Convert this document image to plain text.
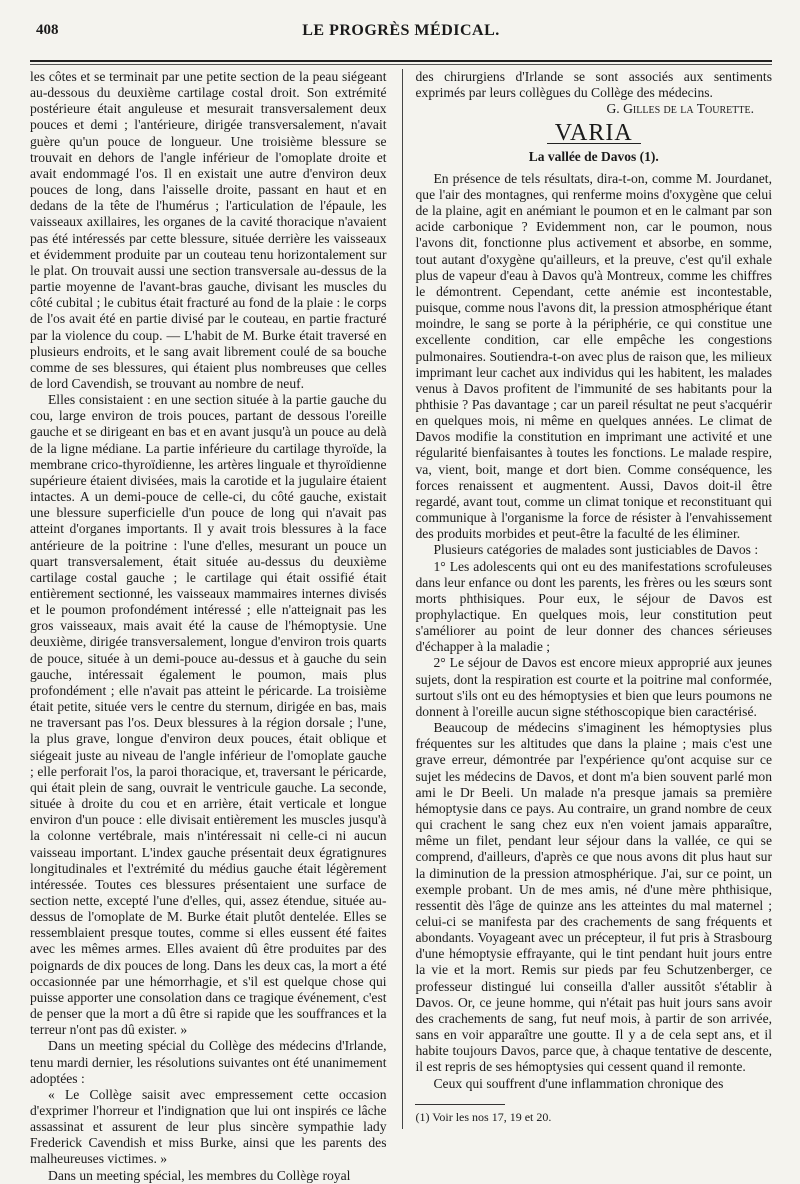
408	LE PROGRÈS MÉDICAL.

les côtes et se terminait par une petite section de la peau siégeant au-dessous du deuxième cartilage costal droit. Son extrémité postérieure était anguleuse et mesurait transversalement deux pouces et demi ; l'antérieure, dirigée transversalement, n'avait guère qu'un pouce de longueur. Une troisième blessure se trouvait en dehors de l'angle inférieur de l'omoplate droite et avait endommagé l'os. Il en existait une autre d'environ deux pouces de long, dans l'aisselle droite, passant en haut et en dedans de la tête de l'humérus ; l'articulation de l'épaule, les vaisseaux axillaires, les organes de la cavité thoracique n'avaient pas été intéressés par cette blessure, située derrière les vaisseaux et évidemment produite par un couteau tenu horizontalement sur le plat. On trouvait aussi une section transversale au-dessus de la partie moyenne de l'avant-bras gauche, divisant les muscles du côté cubital ; le cubitus était fracturé au fond de la plaie : le corps de l'os avait été en partie divisé par le couteau, en partie fracturé par la violence du coup. — L'habit de M. Burke était traversé en plusieurs endroits, et le sang avait librement coulé de sa bouche comme de ses blessures, qui étaient plus nombreuses que celles de lord Cavendish, se trouvant au nombre de neuf.

Elles consistaient : en une section située à la partie gauche du cou, large environ de trois pouces, partant de dessous l'oreille gauche et se dirigeant en bas et en avant jusqu'à un pouce au delà de la ligne médiane. La partie inférieure du cartilage thyroïde, la membrane crico-thyroïdienne, les artères linguale et thyroïdienne supérieure étaient divisées, mais la carotide et la jugulaire étaient intactes. A un demi-pouce de celle-ci, du côté gauche, existait une blessure superficielle d'un pouce de long qui n'avait pas atteint d'organes importants. Il y avait trois blessures à la face antérieure de la poitrine : l'une d'elles, mesurant un pouce un quart transversalement, était située au-dessus du deuxième cartilage costal gauche ; le cartilage qui était ossifié était entièrement sectionné, les vaisseaux mammaires internes divisés et le poumon profondément intéressé ; elle n'atteignait pas les gros vaisseaux, mais avait été la cause de l'hémoptysie. Une deuxième, dirigée transversalement, longue d'environ trois quarts de pouce, située à un demi-pouce au-dessus et à gauche du sein gauche, intéressait également le poumon, mais plus profondément ; elle n'avait pas atteint le péricarde. La troisième était petite, située vers le centre du sternum, dirigée en bas, mais ne traversant pas l'os. Deux blessures à la région dorsale ; l'une, la plus grave, longue d'environ deux pouces, était oblique et siégeait juste au niveau de l'angle inférieur de l'omoplate gauche ; elle perforait l'os, la paroi thoracique, et, traversant le péricarde, qui était plein de sang, ouvrait le ventricule gauche. La seconde, située à droite du cou et en arrière, était verticale et longue environ d'un pouce : elle divisait entièrement les muscles jusqu'à la colonne vertébrale, mais n'intéressait ni celle-ci ni aucun vaisseau important. L'index gauche présentait deux égratignures longitudinales et l'extrémité du médius gauche était légèrement intéressée. Toutes ces blessures présentaient une surface de section nette, excepté l'une d'elles, qui, assez étendue, située au-dessus de l'omoplate de M. Burke était plutôt dentelée. Elles se ressemblaient presque toutes, comme si elles eussent été faites avec les mêmes armes. Elles avaient dû être produites par des poignards de dix pouces de long. Dans les deux cas, la mort a été occasionnée par une hémorrhagie, et s'il est quelque chose qui puisse apporter une consolation dans ce tragique événement, c'est de penser que la mort a dû être si rapide que les souffrances et la terreur n'ont pas dû exister. »

Dans un meeting spécial du Collège des médecins d'Irlande, tenu mardi dernier, les résolutions suivantes ont été unanimement adoptées :

« Le Collège saisit avec empressement cette occasion d'exprimer l'horreur et l'indignation que lui ont inspirés ce lâche assassinat et assurent de leur plus sincère sympathie lady Frederick Cavendish et miss Burke, ainsi que les parents des malheureuses victimes. »

Dans un meeting spécial, les membres du Collège royal

des chirurgiens d'Irlande se sont associés aux sentiments exprimés par leurs collègues du Collège des médecins.

G. Gilles de la Tourette.
VARIA
La vallée de Davos (1).

En présence de tels résultats, dira-t-on, comme M. Jourdanet, que l'air des montagnes, qui renferme moins d'oxygène que celui de la plaine, agit en anémiant le poumon et en le calmant par son acide carbonique ? Evidemment non, car le poumon, nous l'avons dit, fonctionne plus activement et absorbe, en somme, tout autant d'oxygène qu'ailleurs, et la preuve, c'est qu'il exhale plus de vapeur d'eau à Davos qu'à Montreux, comme les chiffres le démontrent. Cependant, cette anémie est incontestable, puisque, comme nous l'avons dit, la pression atmosphérique étant moindre, le sang se porte à la périphérie, ce qui constitue une excellente condition, car elle empêche les congestions pulmonaires. Soutiendra-t-on avec plus de raison que, les milieux imprimant leur cachet aux individus qui les habitent, les malades venus à Davos profitent de l'immunité de ses habitants pour la phthisie ? Pas davantage ; car un pareil résultat ne peut s'acquérir en quelques mois, ni même en quelques années. Le climat de Davos modifie la constitution en imprimant une activité et une régularité bienfaisantes à toutes les fonctions. Le malade respire, va, vient, boit, mange et dort bien. Comme conséquence, les forces renaissent et augmentent. Aussi, Davos doit-il être regardé, avant tout, comme un climat tonique et reconstituant qui communique à l'organisme la force de résister à l'envahissement des produits morbides et peut-être la faculté de les éliminer.

Plusieurs catégories de malades sont justiciables de Davos :

1° Les adolescents qui ont eu des manifestations scrofuleuses dans leur enfance ou dont les parents, les frères ou les sœurs sont morts phthisiques. Pour eux, le séjour de Davos est prophylactique. En quelques mois, leur constitution peut s'améliorer au point de leur donner des chances sérieuses d'échapper à la maladie ;

2° Le séjour de Davos est encore mieux approprié aux jeunes sujets, dont la respiration est courte et la poitrine mal conformée, surtout s'ils ont eu des hémoptysies et bien que leurs poumons ne donnent à l'oreille aucun signe stéthoscopique bien caractérisé.

Beaucoup de médecins s'imaginent les hémoptysies plus fréquentes sur les altitudes que dans la plaine ; mais c'est une grave erreur, démontrée par l'expérience qu'ont acquise sur ce sujet les médecins de Davos, et dont m'a bien souvent parlé mon ami le Dr Beeli. Un malade n'a presque jamais sa première hémoptysie dans ce pays. Au contraire, un grand nombre de ceux qui crachent le sang chez eux n'en voient jamais apparaître, même un filet, pendant leur séjour dans la vallée, ce qui se comprend, d'ailleurs, d'après ce que nous avons dit plus haut sur la diminution de la pression atmosphérique. J'ai, sur ce point, un exemple probant. Un de mes amis, né d'une mère phthisique, ressentit dès l'âge de quinze ans les atteintes du mal maternel ; celui-ci se manifesta par des crachements de sang fréquents et abondants. Voyageant avec un précepteur, il fut pris à Strasbourg d'une hémoptysie effrayante, qui le tint pendant huit jours entre la vie et la mort. Remis sur pieds par feu Schutzenberger, ce professeur distingué lui conseilla d'aller aussitôt s'établir à Davos. Or, ce jeune homme, qui n'était pas huit jours sans avoir des crachements de sang, fut neuf mois, à partir de son arrivée, sans en voir apparaître une goutte. Il y a de cela sept ans, et il habite toujours Davos, parce que, à chaque tentative de descente, il est repris de ses hémoptysies qui cessent quand il remonte.

Ceux qui souffrent d'une inflammation chronique des

(1) Voir les nos 17, 19 et 20.
